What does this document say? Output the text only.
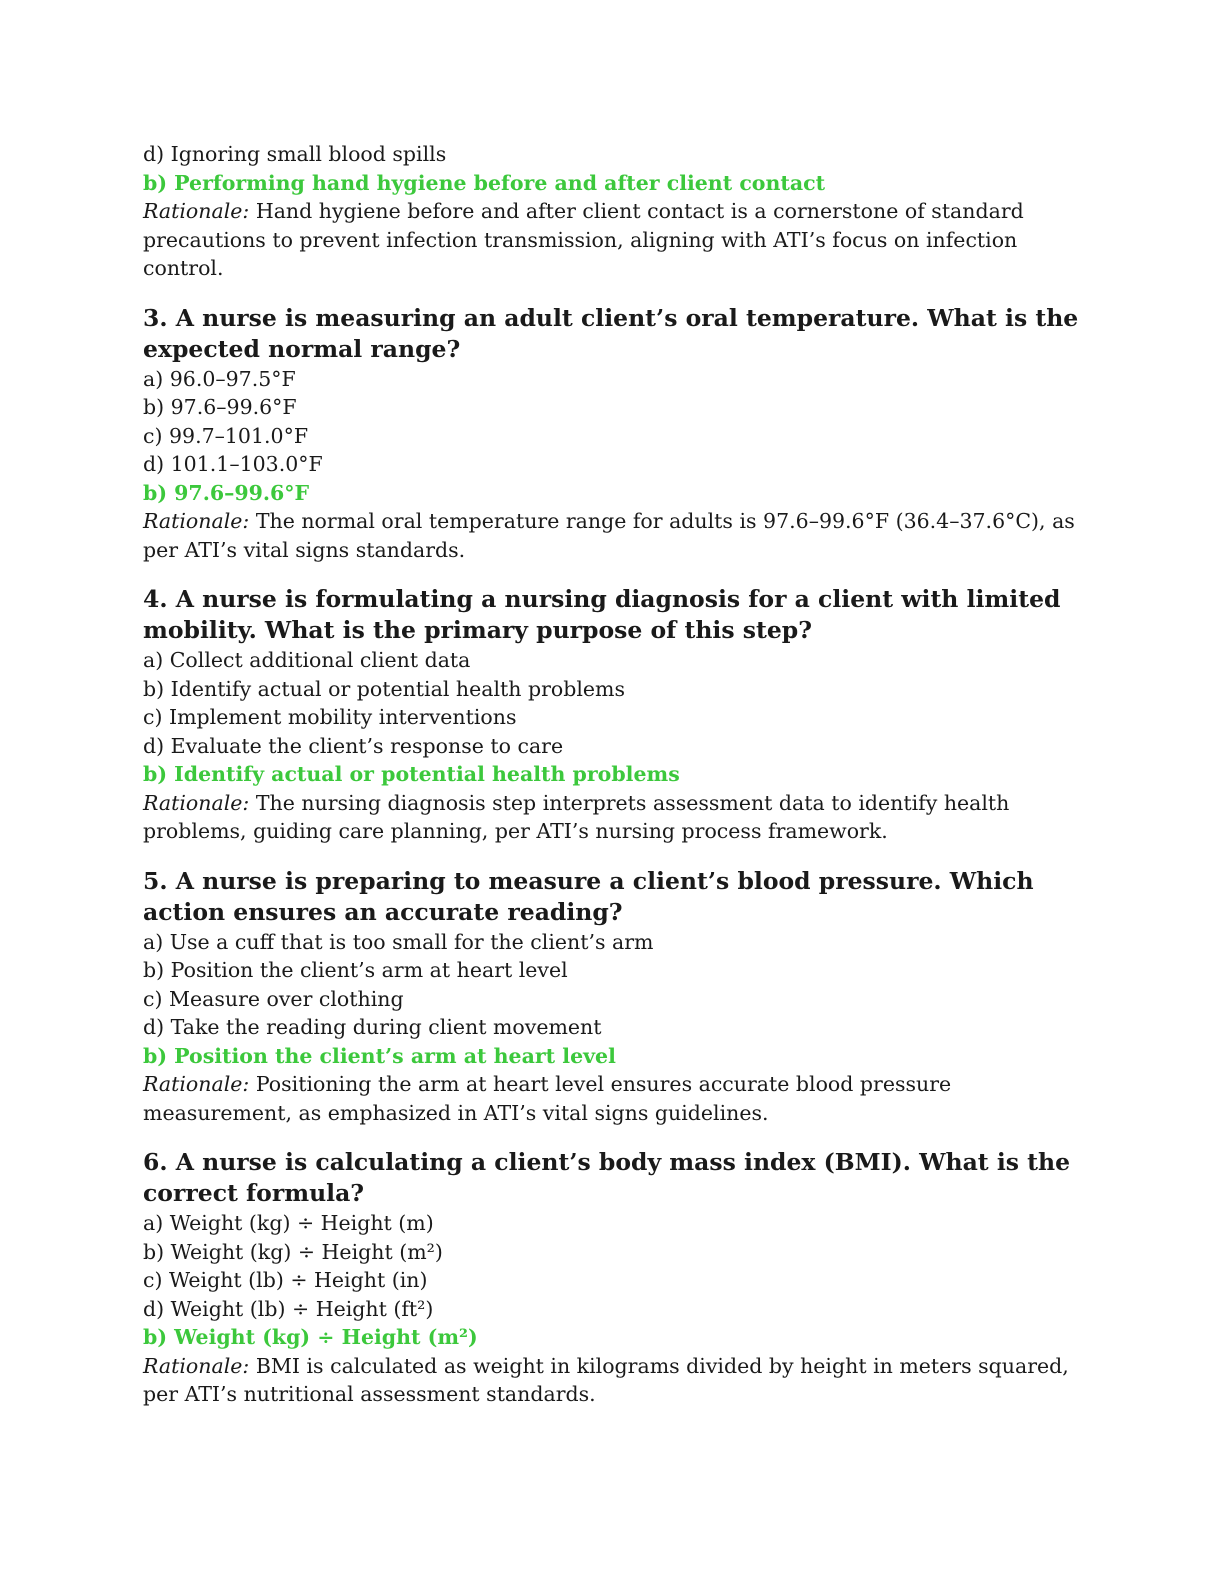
d) Ignoring small blood spills
b) Performing hand hygiene before and after client contact
Rationale: Hand hygiene before and after client contact is a cornerstone of standard precautions to prevent infection transmission, aligning with ATI’s focus on infection control.
3. A nurse is measuring an adult client’s oral temperature. What is the expected normal range?
a) 96.0–97.5°F
b) 97.6–99.6°F
c) 99.7–101.0°F
d) 101.1–103.0°F
b) 97.6–99.6°F
Rationale: The normal oral temperature range for adults is 97.6–99.6°F (36.4–37.6°C), as per ATI’s vital signs standards.
4. A nurse is formulating a nursing diagnosis for a client with limited mobility. What is the primary purpose of this step?
a) Collect additional client data
b) Identify actual or potential health problems
c) Implement mobility interventions
d) Evaluate the client’s response to care
b) Identify actual or potential health problems
Rationale: The nursing diagnosis step interprets assessment data to identify health problems, guiding care planning, per ATI’s nursing process framework.
5. A nurse is preparing to measure a client’s blood pressure. Which action ensures an accurate reading?
a) Use a cuff that is too small for the client’s arm
b) Position the client’s arm at heart level
c) Measure over clothing
d) Take the reading during client movement
b) Position the client’s arm at heart level
Rationale: Positioning the arm at heart level ensures accurate blood pressure measurement, as emphasized in ATI’s vital signs guidelines.
6. A nurse is calculating a client’s body mass index (BMI). What is the correct formula?
a) Weight (kg) ÷ Height (m)
b) Weight (kg) ÷ Height (m²)
c) Weight (lb) ÷ Height (in)
d) Weight (lb) ÷ Height (ft²)
b) Weight (kg) ÷ Height (m²)
Rationale: BMI is calculated as weight in kilograms divided by height in meters squared, per ATI’s nutritional assessment standards.
